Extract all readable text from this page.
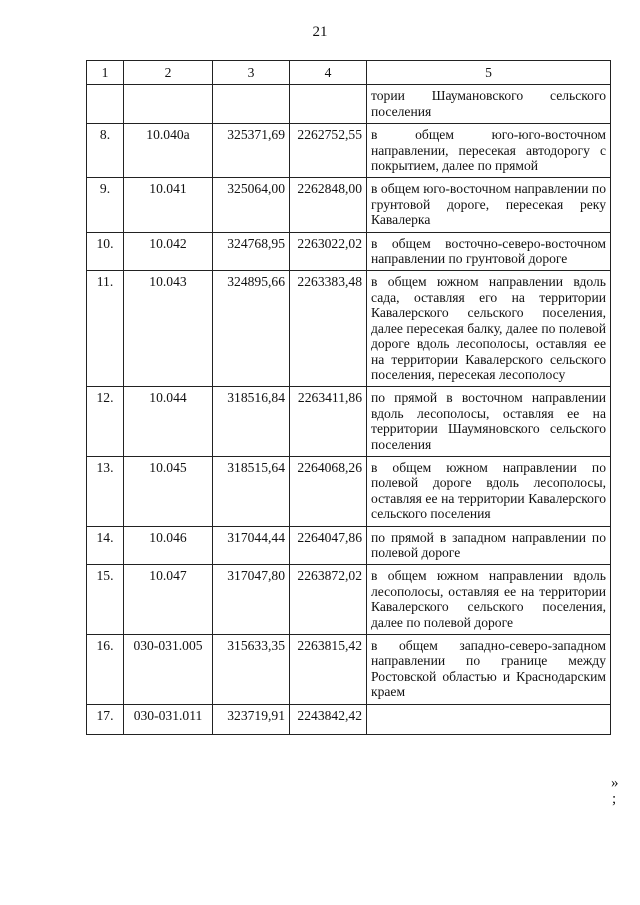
21
1	2	3	4	5
				тории Шаумановского сельского поселения
8.	10.040а	325371,69	2262752,55	в общем юго-юго-восточном направлении, пересекая автодорогу с покрытием, далее по прямой
9.	10.041	325064,00	2262848,00	в общем юго-восточном направлении по грунтовой дороге, пересекая реку Кавалерка
10.	10.042	324768,95	2263022,02	в общем восточно-северо-восточном направлении по грунтовой дороге
11.	10.043	324895,66	2263383,48	в общем южном направлении вдоль сада, оставляя его на территории Кавалерского сельского поселения, далее пересекая балку, далее по полевой дороге вдоль лесополосы, оставляя ее на территории Кавалерского сельского поселения, пересекая лесополосу
12.	10.044	318516,84	2263411,86	по прямой в восточном направлении вдоль лесополосы, оставляя ее на территории Шаумяновского сельского поселения
13.	10.045	318515,64	2264068,26	в общем южном направлении по полевой дороге вдоль лесополосы, оставляя ее на территории Кавалерского сельского поселения
14.	10.046	317044,44	2264047,86	по прямой в западном направлении по полевой дороге
15.	10.047	317047,80	2263872,02	в общем южном направлении вдоль лесополосы, оставляя ее на территории Кавалерского сельского поселения, далее по полевой дороге
16.	030-031.005	315633,35	2263815,42	в общем западно-северо-западном направлении по границе между Ростовской областью и Краснодарским краем
17.	030-031.011	323719,91	2243842,42	
»
;
